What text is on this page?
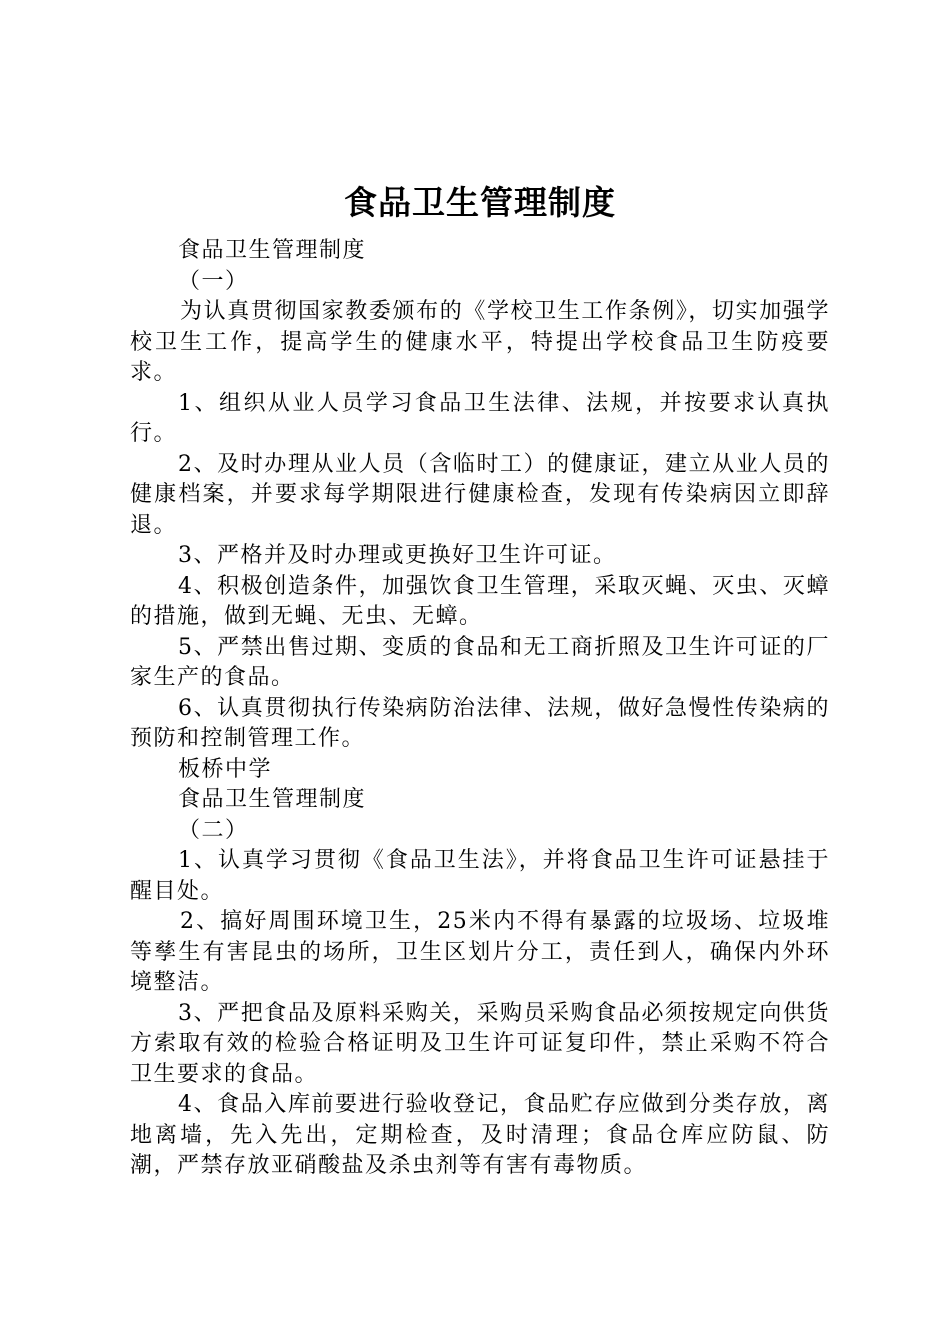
食品卫生管理制度

食品卫生管理制度

（一）

为认真贯彻国家教委颁布的《学校卫生工作条例》，切实加强学校卫生工作，提高学生的健康水平，特提出学校食品卫生防疫要求。

1、组织从业人员学习食品卫生法律、法规，并按要求认真执行。

2、及时办理从业人员（含临时工）的健康证，建立从业人员的健康档案，并要求每学期限进行健康检查，发现有传染病因立即辞退。

3、严格并及时办理或更换好卫生许可证。

4、积极创造条件，加强饮食卫生管理，采取灭蝇、灭虫、灭蟑的措施，做到无蝇、无虫、无蟑。

5、严禁出售过期、变质的食品和无工商折照及卫生许可证的厂家生产的食品。

6、认真贯彻执行传染病防治法律、法规，做好急慢性传染病的预防和控制管理工作。

板桥中学

食品卫生管理制度

（二）

1、认真学习贯彻《食品卫生法》，并将食品卫生许可证悬挂于醒目处。

2、搞好周围环境卫生，25米内不得有暴露的垃圾场、垃圾堆等孳生有害昆虫的场所，卫生区划片分工，责任到人，确保内外环境整洁。

3、严把食品及原料采购关，采购员采购食品必须按规定向供货方索取有效的检验合格证明及卫生许可证复印件，禁止采购不符合卫生要求的食品。

4、食品入库前要进行验收登记，食品贮存应做到分类存放，离地离墙，先入先出，定期检查，及时清理；食品仓库应防鼠、防潮，严禁存放亚硝酸盐及杀虫剂等有害有毒物质。
